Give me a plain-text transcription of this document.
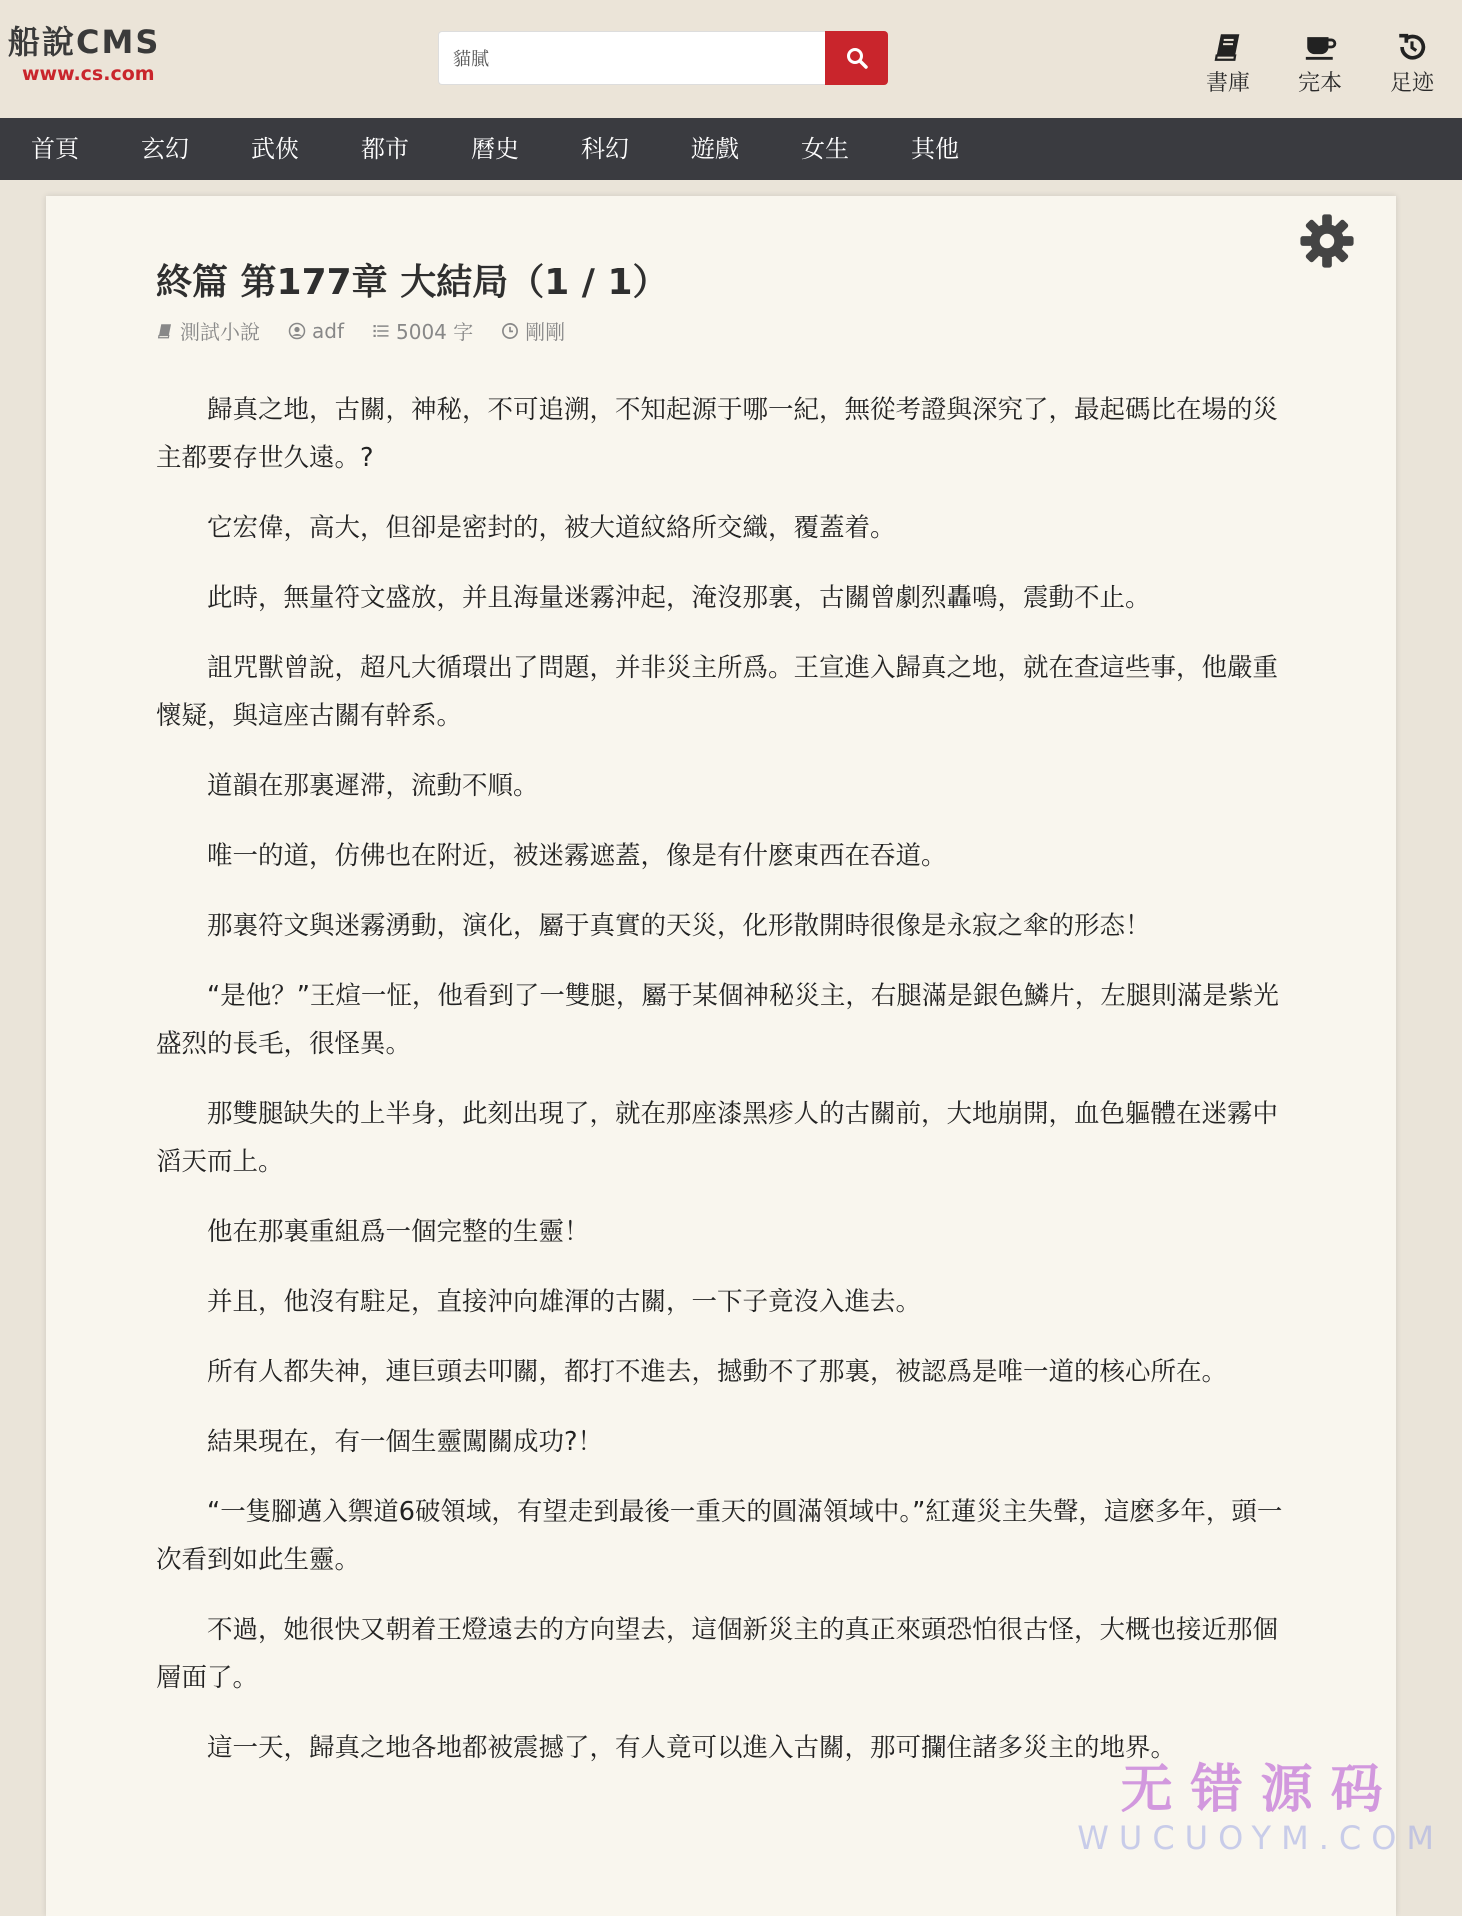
船說CMS
www.cs.com
貓膩	書庫 完本 足迹
首頁	玄幻	武俠	都市	曆史	科幻	遊戲	女生	其他
終篇 第177章 大結局（1 / 1）
測試小說	adf	5004 字	剛剛

歸真之地，古關，神秘，不可追溯，不知起源于哪一紀，無從考證與深究了，最起碼比在場的災主都要存世久遠。?

它宏偉，高大，但卻是密封的，被大道紋絡所交織，覆蓋着。

此時，無量符文盛放，并且海量迷霧沖起，淹沒那裏，古關曾劇烈轟鳴，震動不止。

詛咒獸曾說，超凡大循環出了問題，并非災主所爲。王宣進入歸真之地，就在查這些事，他嚴重懷疑，與這座古關有幹系。

道韻在那裏遲滞，流動不順。

唯一的道，仿佛也在附近，被迷霧遮蓋，像是有什麽東西在吞道。

那裏符文與迷霧湧動，演化，屬于真實的天災，化形散開時很像是永寂之傘的形态！

“是他？”王煊一怔，他看到了一雙腿，屬于某個神秘災主，右腿滿是銀色鱗片，左腿則滿是紫光盛烈的長毛，很怪異。

那雙腿缺失的上半身，此刻出現了，就在那座漆黑疹人的古關前，大地崩開，血色軀體在迷霧中滔天而上。

他在那裏重組爲一個完整的生靈！

并且，他沒有駐足，直接沖向雄渾的古關，一下子竟沒入進去。

所有人都失神，連巨頭去叩關，都打不進去，撼動不了那裏，被認爲是唯一道的核心所在。

結果現在，有一個生靈闖關成功?！

“一隻腳邁入禦道6破領域，有望走到最後一重天的圓滿領域中。”紅蓮災主失聲，這麽多年，頭一次看到如此生靈。

不過，她很快又朝着王燈遠去的方向望去，這個新災主的真正來頭恐怕很古怪，大概也接近那個層面了。

這一天，歸真之地各地都被震撼了，有人竟可以進入古關，那可攔住諸多災主的地界。

无错源码
WUCUOYM.COM
